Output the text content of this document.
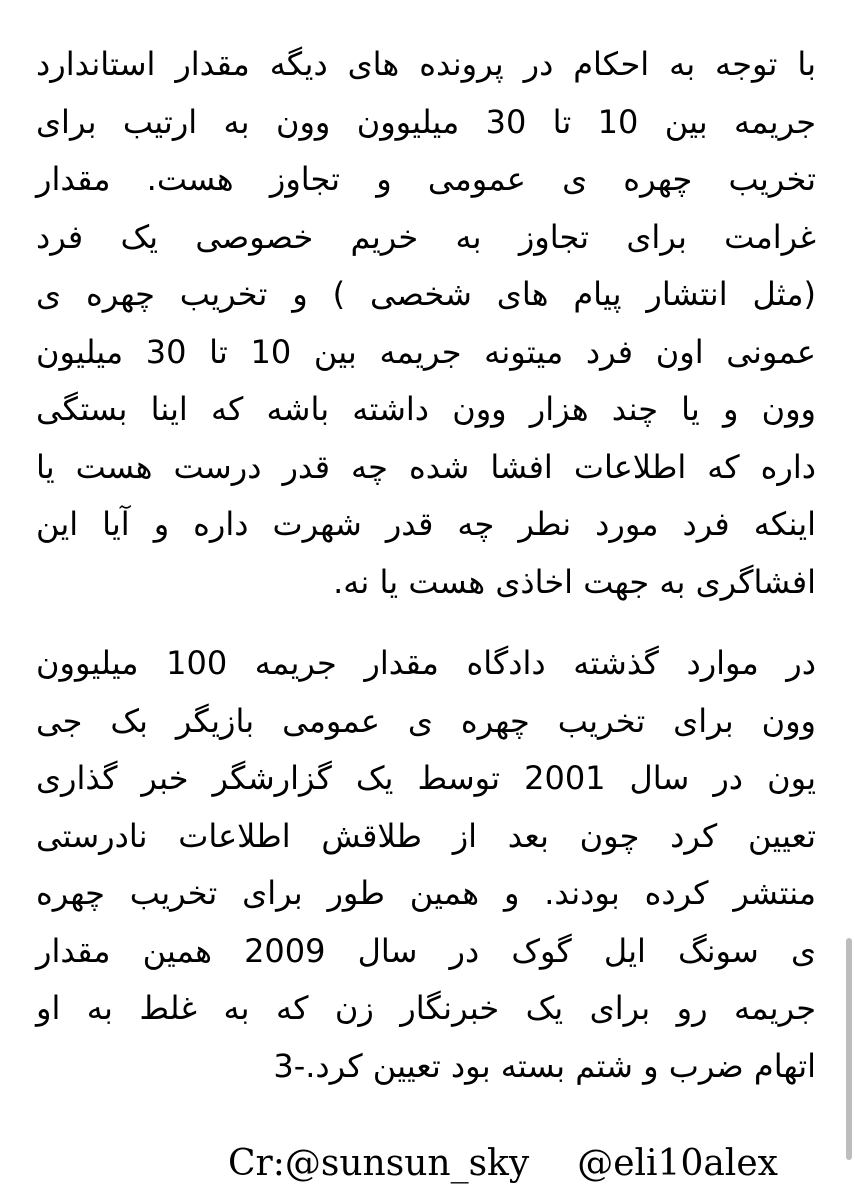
با توجه به احکام در پرونده های دیگه مقدار استاندارد
جریمه بین 10 تا 30 میلیوون وون به ارتیب برای
تخریب چهره ی عمومی و تجاوز هست. مقدار
غرامت برای تجاوز به خریم خصوصی یک فرد
(مثل انتشار پیام های شخصی ) و تخریب چهره ی
عمونی اون فرد میتونه جریمه بین 10 تا 30 میلیون
وون و یا چند هزار وون داشته باشه که اینا بستگی
داره که اطلاعات افشا شده چه قدر درست هست یا
اینکه فرد مورد نطر چه قدر شهرت داره و آیا این
افشاگری به جهت اخاذی هست یا نه.
در موارد گذشته دادگاه مقدار جریمه 100 میلیوون
وون برای تخریب چهره ی عمومی بازیگر بک جی
یون در سال 2001 توسط یک گزارشگر خبر گذاری
تعیین کرد چون بعد از طلاقش اطلاعات نادرستی
منتشر کرده بودند. و همین طور برای تخریب چهره
ی سونگ ایل گوک در سال 2009 همین مقدار
جریمه رو برای یک خبرنگار زن که به غلط به او
اتهام ضرب و شتم بسته بود تعیین کرد.-3
Cr:@sunsun_sky @eli10alex
